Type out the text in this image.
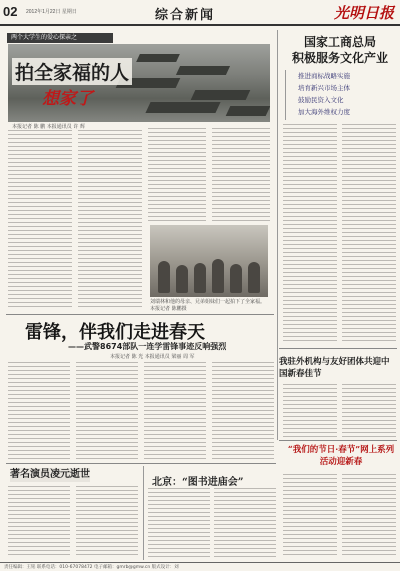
02 2012年1月22日 星期日	综合新闻	光明日报
两个大学生的爱心探亲之
拍全家福的人
想家了
本报记者 陈 鹏 本报通讯员 许 辉
刘瑞林和他的母亲、兄弟姐妹们一起拍下了全家福。本报记者 陈鹏摄
国家工商总局
积极服务文化产业
推进商标战略实施
培育新兴市场主体
鼓励民资入文化
加大海外维权力度
雷锋，伴我们走进春天
——武警8674部队一连学雷锋事迹反响强烈
本报记者 陈 光 本报通讯员 梁丽 周 军	我驻外机构与友好团体共迎中国新春佳节
著名演员凌元逝世
北京：“图书进庙会”
“我们的节日·春节”网上系列活动迎新春
责任编辑：王铭 联系电话：010-67078472 电子邮箱：gmrb@gmw.cn 版式设计：刘
